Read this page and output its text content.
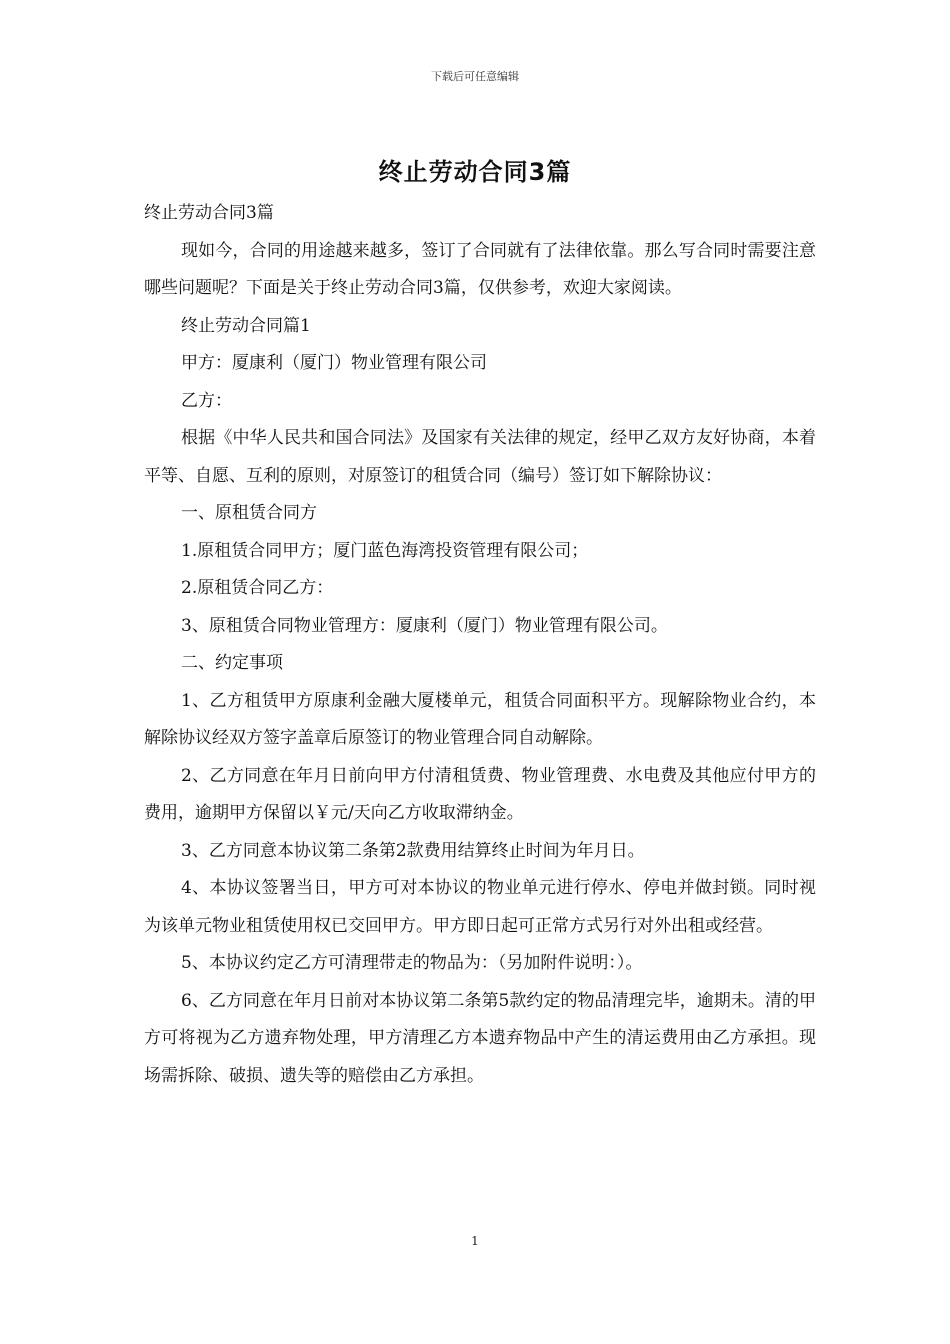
下载后可任意编辑
终止劳动合同3篇

终止劳动合同3篇

现如今，合同的用途越来越多，签订了合同就有了法律依靠。那么写合同时需要注意哪些问题呢？下面是关于终止劳动合同3篇，仅供参考，欢迎大家阅读。

终止劳动合同篇1

甲方：厦康利（厦门）物业管理有限公司

乙方：

根据《中华人民共和国合同法》及国家有关法律的规定，经甲乙双方友好协商，本着平等、自愿、互利的原则，对原签订的租赁合同（编号）签订如下解除协议：

一、原租赁合同方

1.原租赁合同甲方；厦门蓝色海湾投资管理有限公司；

2.原租赁合同乙方：

3、原租赁合同物业管理方：厦康利（厦门）物业管理有限公司。

二、约定事项

1、乙方租赁甲方原康利金融大厦楼单元，租赁合同面积平方。现解除物业合约，本解除协议经双方签字盖章后原签订的物业管理合同自动解除。

2、乙方同意在年月日前向甲方付清租赁费、物业管理费、水电费及其他应付甲方的费用，逾期甲方保留以￥元/天向乙方收取滞纳金。

3、乙方同意本协议第二条第2款费用结算终止时间为年月日。

4、本协议签署当日，甲方可对本协议的物业单元进行停水、停电并做封锁。同时视为该单元物业租赁使用权已交回甲方。甲方即日起可正常方式另行对外出租或经营。

5、本协议约定乙方可清理带走的物品为：（另加附件说明：）。

6、乙方同意在年月日前对本协议第二条第5款约定的物品清理完毕，逾期未。清的甲方可将视为乙方遗弃物处理，甲方清理乙方本遗弃物品中产生的清运费用由乙方承担。现场需拆除、破损、遗失等的赔偿由乙方承担。

1
